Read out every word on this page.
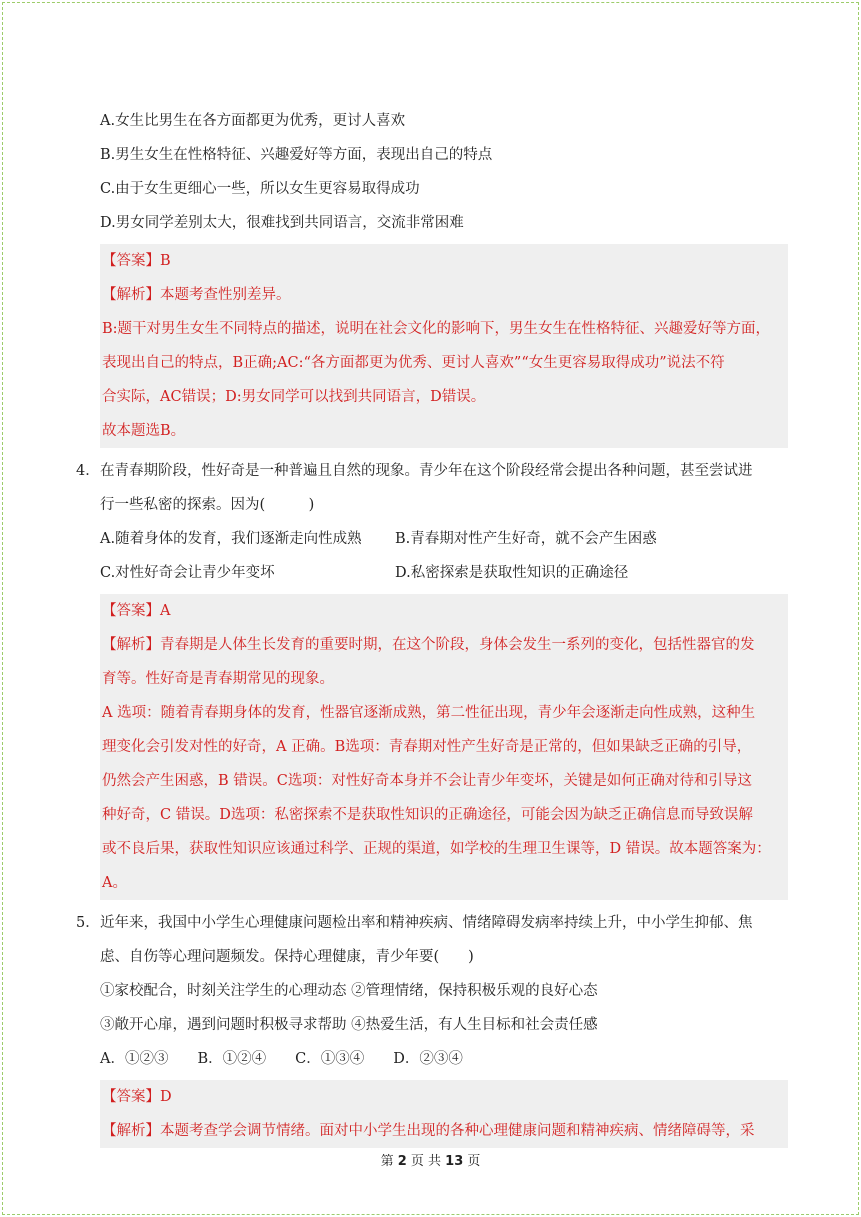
A.女生比男生在各方面都更为优秀，更讨人喜欢
B.男生女生在性格特征、兴趣爱好等方面，表现出自己的特点
C.由于女生更细心一些，所以女生更容易取得成功
D.男女同学差别太大，很难找到共同语言，交流非常困难
【答案】B
【解析】本题考查性别差异。
B:题干对男生女生不同特点的描述，说明在社会文化的影响下，男生女生在性格特征、兴趣爱好等方面，
表现出自己的特点，B正确;AC:“各方面都更为优秀、更讨人喜欢”“女生更容易取得成功”说法不符
合实际，AC错误；D:男女同学可以找到共同语言，D错误。
故本题选B。
4． 在青春期阶段，性好奇是一种普遍且自然的现象。青少年在这个阶段经常会提出各种问题，甚至尝试进
行一些私密的探索。因为(　　　)
A.随着身体的发育，我们逐渐走向性成熟	B.青春期对性产生好奇，就不会产生困惑
C.对性好奇会让青少年变坏	D.私密探索是获取性知识的正确途径
【答案】A
【解析】青春期是人体生长发育的重要时期，在这个阶段，身体会发生一系列的变化，包括性器官的发
育等。性好奇是青春期常见的现象。
A 选项：随着青春期身体的发育，性器官逐渐成熟，第二性征出现，青少年会逐渐走向性成熟，这种生
理变化会引发对性的好奇，A 正确。B选项：青春期对性产生好奇是正常的，但如果缺乏正确的引导，
仍然会产生困惑，B 错误。C选项：对性好奇本身并不会让青少年变坏，关键是如何正确对待和引导这
种好奇，C 错误。D选项：私密探索不是获取性知识的正确途径，可能会因为缺乏正确信息而导致误解
或不良后果，获取性知识应该通过科学、正规的渠道，如学校的生理卫生课等，D 错误。故本题答案为：
A。
5． 近年来，我国中小学生心理健康问题检出率和精神疾病、情绪障碍发病率持续上升，中小学生抑郁、焦
虑、自伤等心理问题频发。保持心理健康，青少年要(　　)
①家校配合，时刻关注学生的心理动态 ②管理情绪，保持积极乐观的良好心态
③敞开心扉，遇到问题时积极寻求帮助 ④热爱生活，有人生目标和社会责任感
A．①②③　　B．①②④　　C．①③④　　D．②③④
【答案】D
【解析】本题考查学会调节情绪。面对中小学生出现的各种心理健康问题和精神疾病、情绪障碍等，采
第 2 页 共 13 页
